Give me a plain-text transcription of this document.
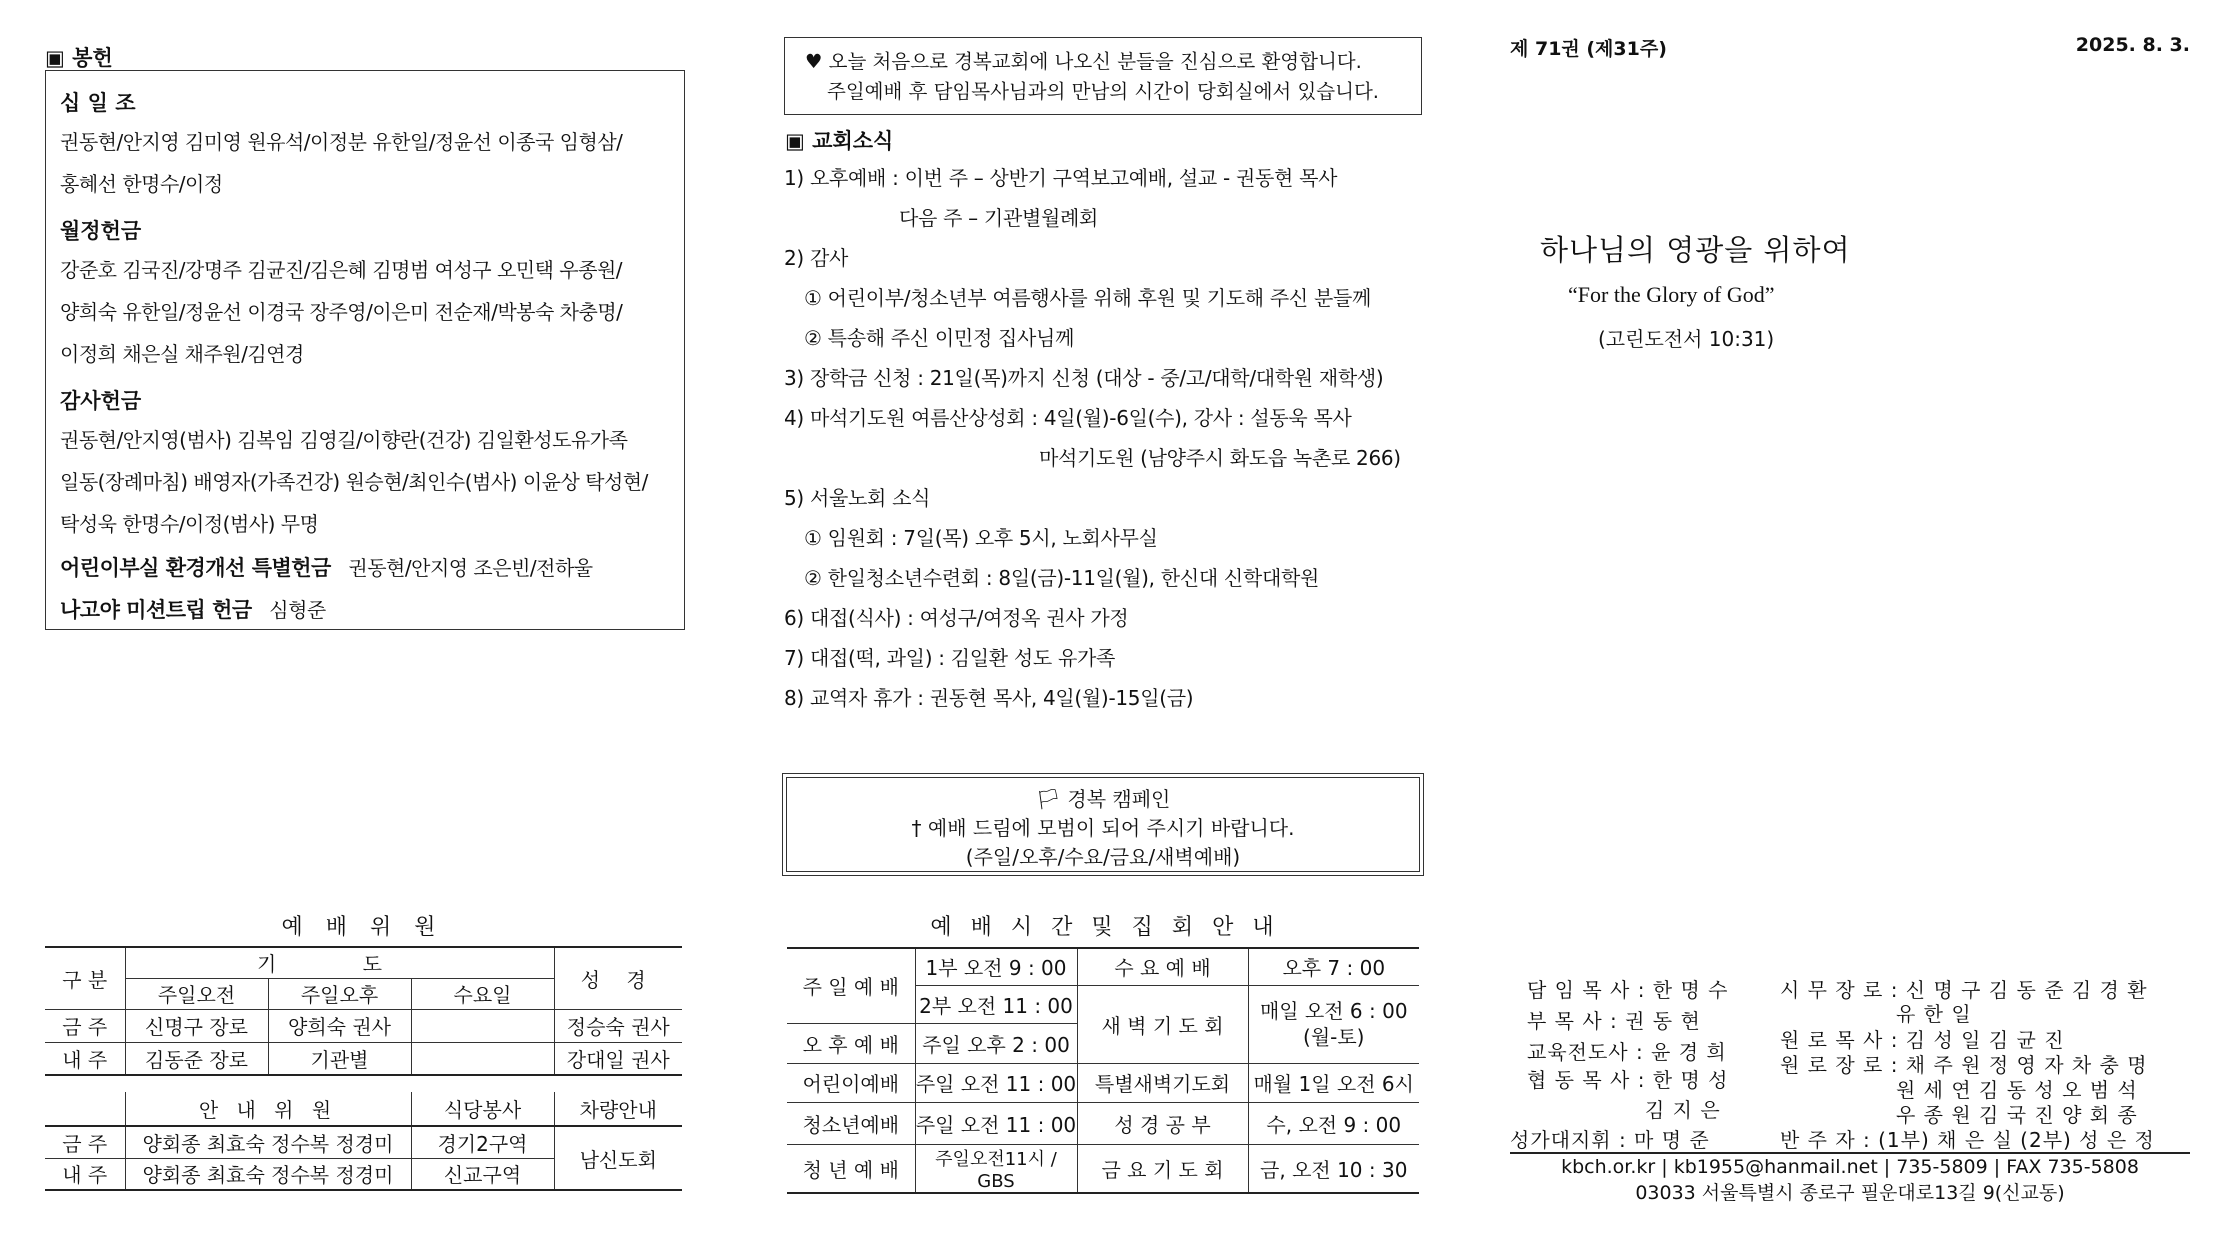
▣ 봉헌
십 일 조
권동현/안지영 김미영 원유석/이정분 유한일/정윤선 이종국 임형삼/
홍혜선 한명수/이정
월정헌금
강준호 김국진/강명주 김균진/김은혜 김명범 여성구 오민택 우종원/
양희숙 유한일/정윤선 이경국 장주영/이은미 전순재/박봉숙 차충명/
이정희 채은실 채주원/김연경
감사헌금
권동현/안지영(범사) 김복임 김영길/이향란(건강) 김일환성도유가족
일동(장례마침) 배영자(가족건강) 원승현/최인수(범사) 이윤상 탁성현/
탁성욱 한명수/이정(범사) 무명
어린이부실 환경개선 특별헌금 권동현/안지영 조은빈/전하울
나고야 미션트립 헌금 심형준
예 배 위 원
구 분	기 도			성 경
	주일오전	주일오후	수요일	
금 주	신명구 장로	양희숙 권사		정승숙 권사
내 주	김동준 장로	기관별		강대일 권사
	안 내 위 원	식당봉사	차량안내
금 주	양회종 최효숙 정수복 정경미	경기2구역	남신도회
내 주	양회종 최효숙 정수복 정경미	신교구역	
♥ 오늘 처음으로 경복교회에 나오신 분들을 진심으로 환영합니다.
주일예배 후 담임목사님과의 만남의 시간이 당회실에서 있습니다.
▣ 교회소식
1) 오후예배 : 이번 주 – 상반기 구역보고예배, 설교 - 권동현 목사
다음 주 – 기관별월례회
2) 감사
① 어린이부/청소년부 여름행사를 위해 후원 및 기도해 주신 분들께
② 특송해 주신 이민정 집사님께
3) 장학금 신청 : 21일(목)까지 신청 (대상 - 중/고/대학/대학원 재학생)
4) 마석기도원 여름산상성회 : 4일(월)-6일(수), 강사 : 설동욱 목사
마석기도원 (남양주시 화도읍 녹촌로 266)
5) 서울노회 소식
① 임원회 : 7일(목) 오후 5시, 노회사무실
② 한일청소년수련회 : 8일(금)-11일(월), 한신대 신학대학원
6) 대접(식사) : 여성구/여정옥 권사 가정
7) 대접(떡, 과일) : 김일환 성도 유가족
8) 교역자 휴가 : 권동현 목사, 4일(월)-15일(금)
🏳 경복 캠페인
† 예배 드림에 모범이 되어 주시기 바랍니다.
(주일/오후/수요/금요/새벽예배)
예 배 시 간 및 집 회 안 내
주 일 예 배	1부 오전 9 : 00	수 요 예 배	오후 7 : 00
	2부 오전 11 : 00	새 벽 기 도 회	매일 오전 6 : 00
(월-토)

오 후 예 배	주일 오후 2 : 00		
어린이예배	주일 오전 11 : 00	특별새벽기도회	매월 1일 오전 6시
청소년예배	주일 오전 11 : 00	성 경 공 부	수, 오전 9 : 00
청 년 예 배	주일오전11시 / GBS	금 요 기 도 회	금, 오전 10 : 30
제 71권 (제31주)	2025. 8. 3.
하나님의 영광을 위하여
“For the Glory of God”
(고린도전서 10:31)
담 임 목 사 : 한 명 수
부 목 사 : 권 동 현
교육전도사 : 윤 경 희
협 동 목 사 : 한 명 성
김 지 은
성가대지휘 : 마 명 준
시 무 장 로 : 신 명 구 김 동 준 김 경 환
유 한 일
원 로 목 사 : 김 성 일 김 균 진
원 로 장 로 : 채 주 원 정 영 자 차 충 명
원 세 연 김 동 성 오 범 석
우 종 원 김 국 진 양 회 종
반 주 자 : (1부) 채 은 실 (2부) 성 은 정
kbch.or.kr | kb1955@hanmail.net | 735-5809 | FAX 735-5808
03033 서울특별시 종로구 필운대로13길 9(신교동)
